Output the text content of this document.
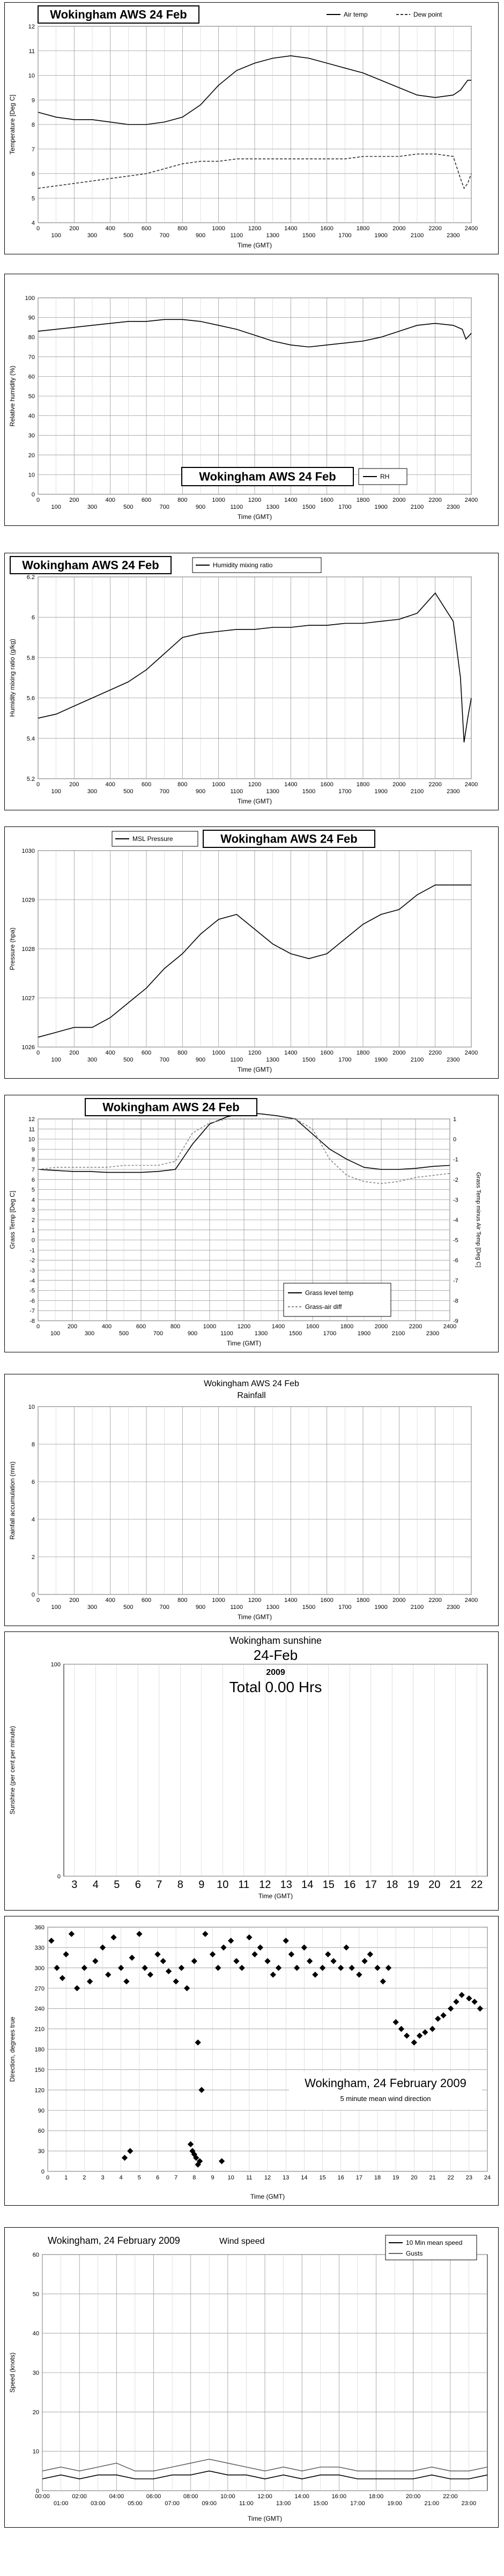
4
5
6
7
8
9
10
11
12
0	200	400	600	800	1000	1200	1400	1600	1800	2000	2200	2400
100	300	500	700	900	1100	1300	1500	1700	1900	2100	2300
Time (GMT)
Temperature [Deg C]
Wokingham AWS 24 Feb	Air temp	Dew point
0
10
20
30
40
50
60
70
80
90
100
0	200	400	600	800	1000	1200	1400	1600	1800	2000	2200	2400
100	300	500	700	900	1100	1300	1500	1700	1900	2100	2300
Time (GMT)
Relative humidity (%)
Wokingham AWS 24 Feb	RH
5.2
5.4
5.6
5.8
6
6.2
0	200	400	600	800	1000	1200	1400	1600	1800	2000	2200	2400
100	300	500	700	900	1100	1300	1500	1700	1900	2100	2300
Time (GMT)
Humidity mixing ratio (g/kg)
Wokingham AWS 24 Feb	Humidity mixing ratio
1026
1027
1028
1029
1030
0	200	400	600	800	1000	1200	1400	1600	1800	2000	2200	2400
100	300	500	700	900	1100	1300	1500	1700	1900	2100	2300
Time (GMT)
Pressure (hpa)
MSL Pressure	Wokingham AWS 24 Feb
-8
-7
-6
-5
-4
-3
-2
-1
0
1
2
3
4
5
6
7
8
9
10
11
12
-9
-8
-7
-6
-5
-4
-3
-2
-1
0
1
Grass Temp minus Air Temp [Deg C]
0	200	400	600	800	1000	1200	1400	1600	1800	2000	2200	2400
100	300	500	700	900	1100	1300	1500	1700	1900	2100	2300
Time (GMT)
Grass Temp [Deg C]
Wokingham AWS 24 Feb
Grass level temp
Grass-air diff
0
2
4
6
8
10
0	200	400	600	800	1000	1200	1400	1600	1800	2000	2200	2400
100	300	500	700	900	1100	1300	1500	1700	1900	2100	2300
Time (GMT)
Rainfall accumulation (mm)
Wokingham AWS 24 Feb
Rainfall
0
100
3 4 5 6 7 8 9 10 11 12 13 14 15 16 17 18 19 20 21 22
Time (GMT)
Sunshine (per cent per minute)
Wokingham sunshine
24-Feb
2009
Total 0.00 Hrs
0
30
60
90
120
150
180
210
240
270
300
330
360
0	1	2	3	4	5	6	7	8	9 10 11 12 13 14 15 16 17 18 19 20 21 22 23 24
Time (GMT)
Direction, degrees true
Wokingham, 24 February 2009
5 minute mean wind direction
0
10
20
30
40
50
60
00:00	02:00	04:00	06:00	08:00	10:00	12:00	14:00	16:00	18:00	20:00	22:00
01:00	03:00	05:00	07:00	09:00	11:00	13:00	15:00	17:00	19:00	21:00	23:00
Time (GMT)
Speed (knots)
Wokingham, 24 February 2009	Wind speed	10 Min mean speed
Gusts
